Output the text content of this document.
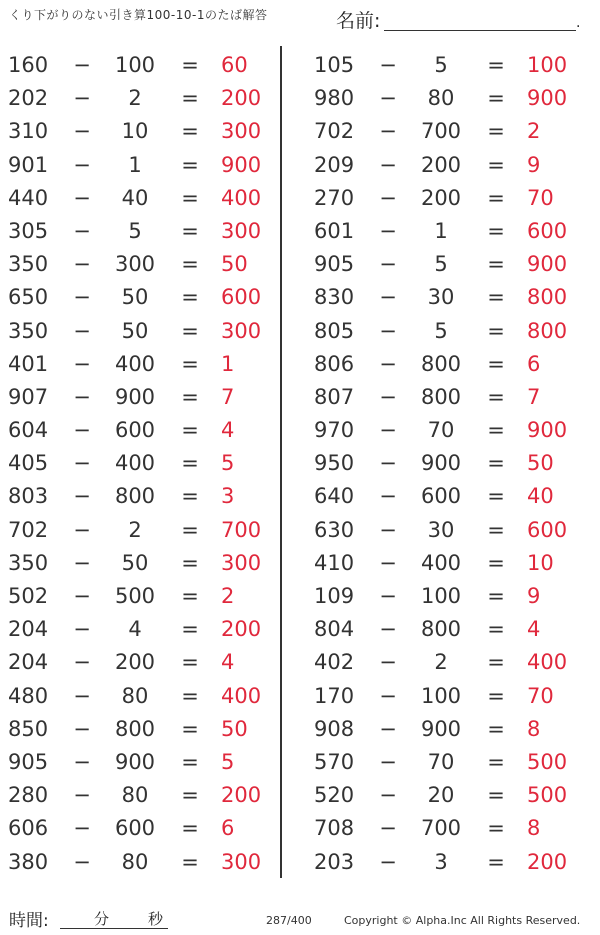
くり下がりのない引き算100-10-1のたば解答	名前:	.
160 −	100	= 60
202 −	2	= 200
310 −	10	= 300
901 −	1	= 900
440 −	40	= 400
305 −	5	= 300
350 −	300	= 50
650 −	50	= 600
350 −	50	= 300
401 −	400	= 1
907 −	900	= 7
604 −	600	= 4
405 −	400	= 5
803 −	800	= 3
702 −	2	= 700
350 −	50	= 300
502 −	500	= 2
204 −	4	= 200
204 −	200	= 4
480 −	80	= 400
850 −	800	= 50
905 −	900	= 5
280 −	80	= 200
606 −	600	= 6
380 −	80	= 300
105 −	5	= 100
980 −	80	= 900
702 −	700	= 2
209 −	200	= 9
270 −	200	= 70
601 −	1	= 600
905 −	5	= 900
830 −	30	= 800
805 −	5	= 800
806 −	800	= 6
807 −	800	= 7
970 −	70	= 900
950 −	900	= 50
640 −	600	= 40
630 −	30	= 600
410 −	400	= 10
109 −	100	= 9
804 −	800	= 4
402 −	2	= 400
170 −	100	= 70
908 −	900	= 8
570 −	70	= 500
520 −	20	= 500
708 −	700	= 8
203 −	3	= 200
時間:	分	秒	287/400	Copyright © Alpha.Inc All Rights Reserved.
